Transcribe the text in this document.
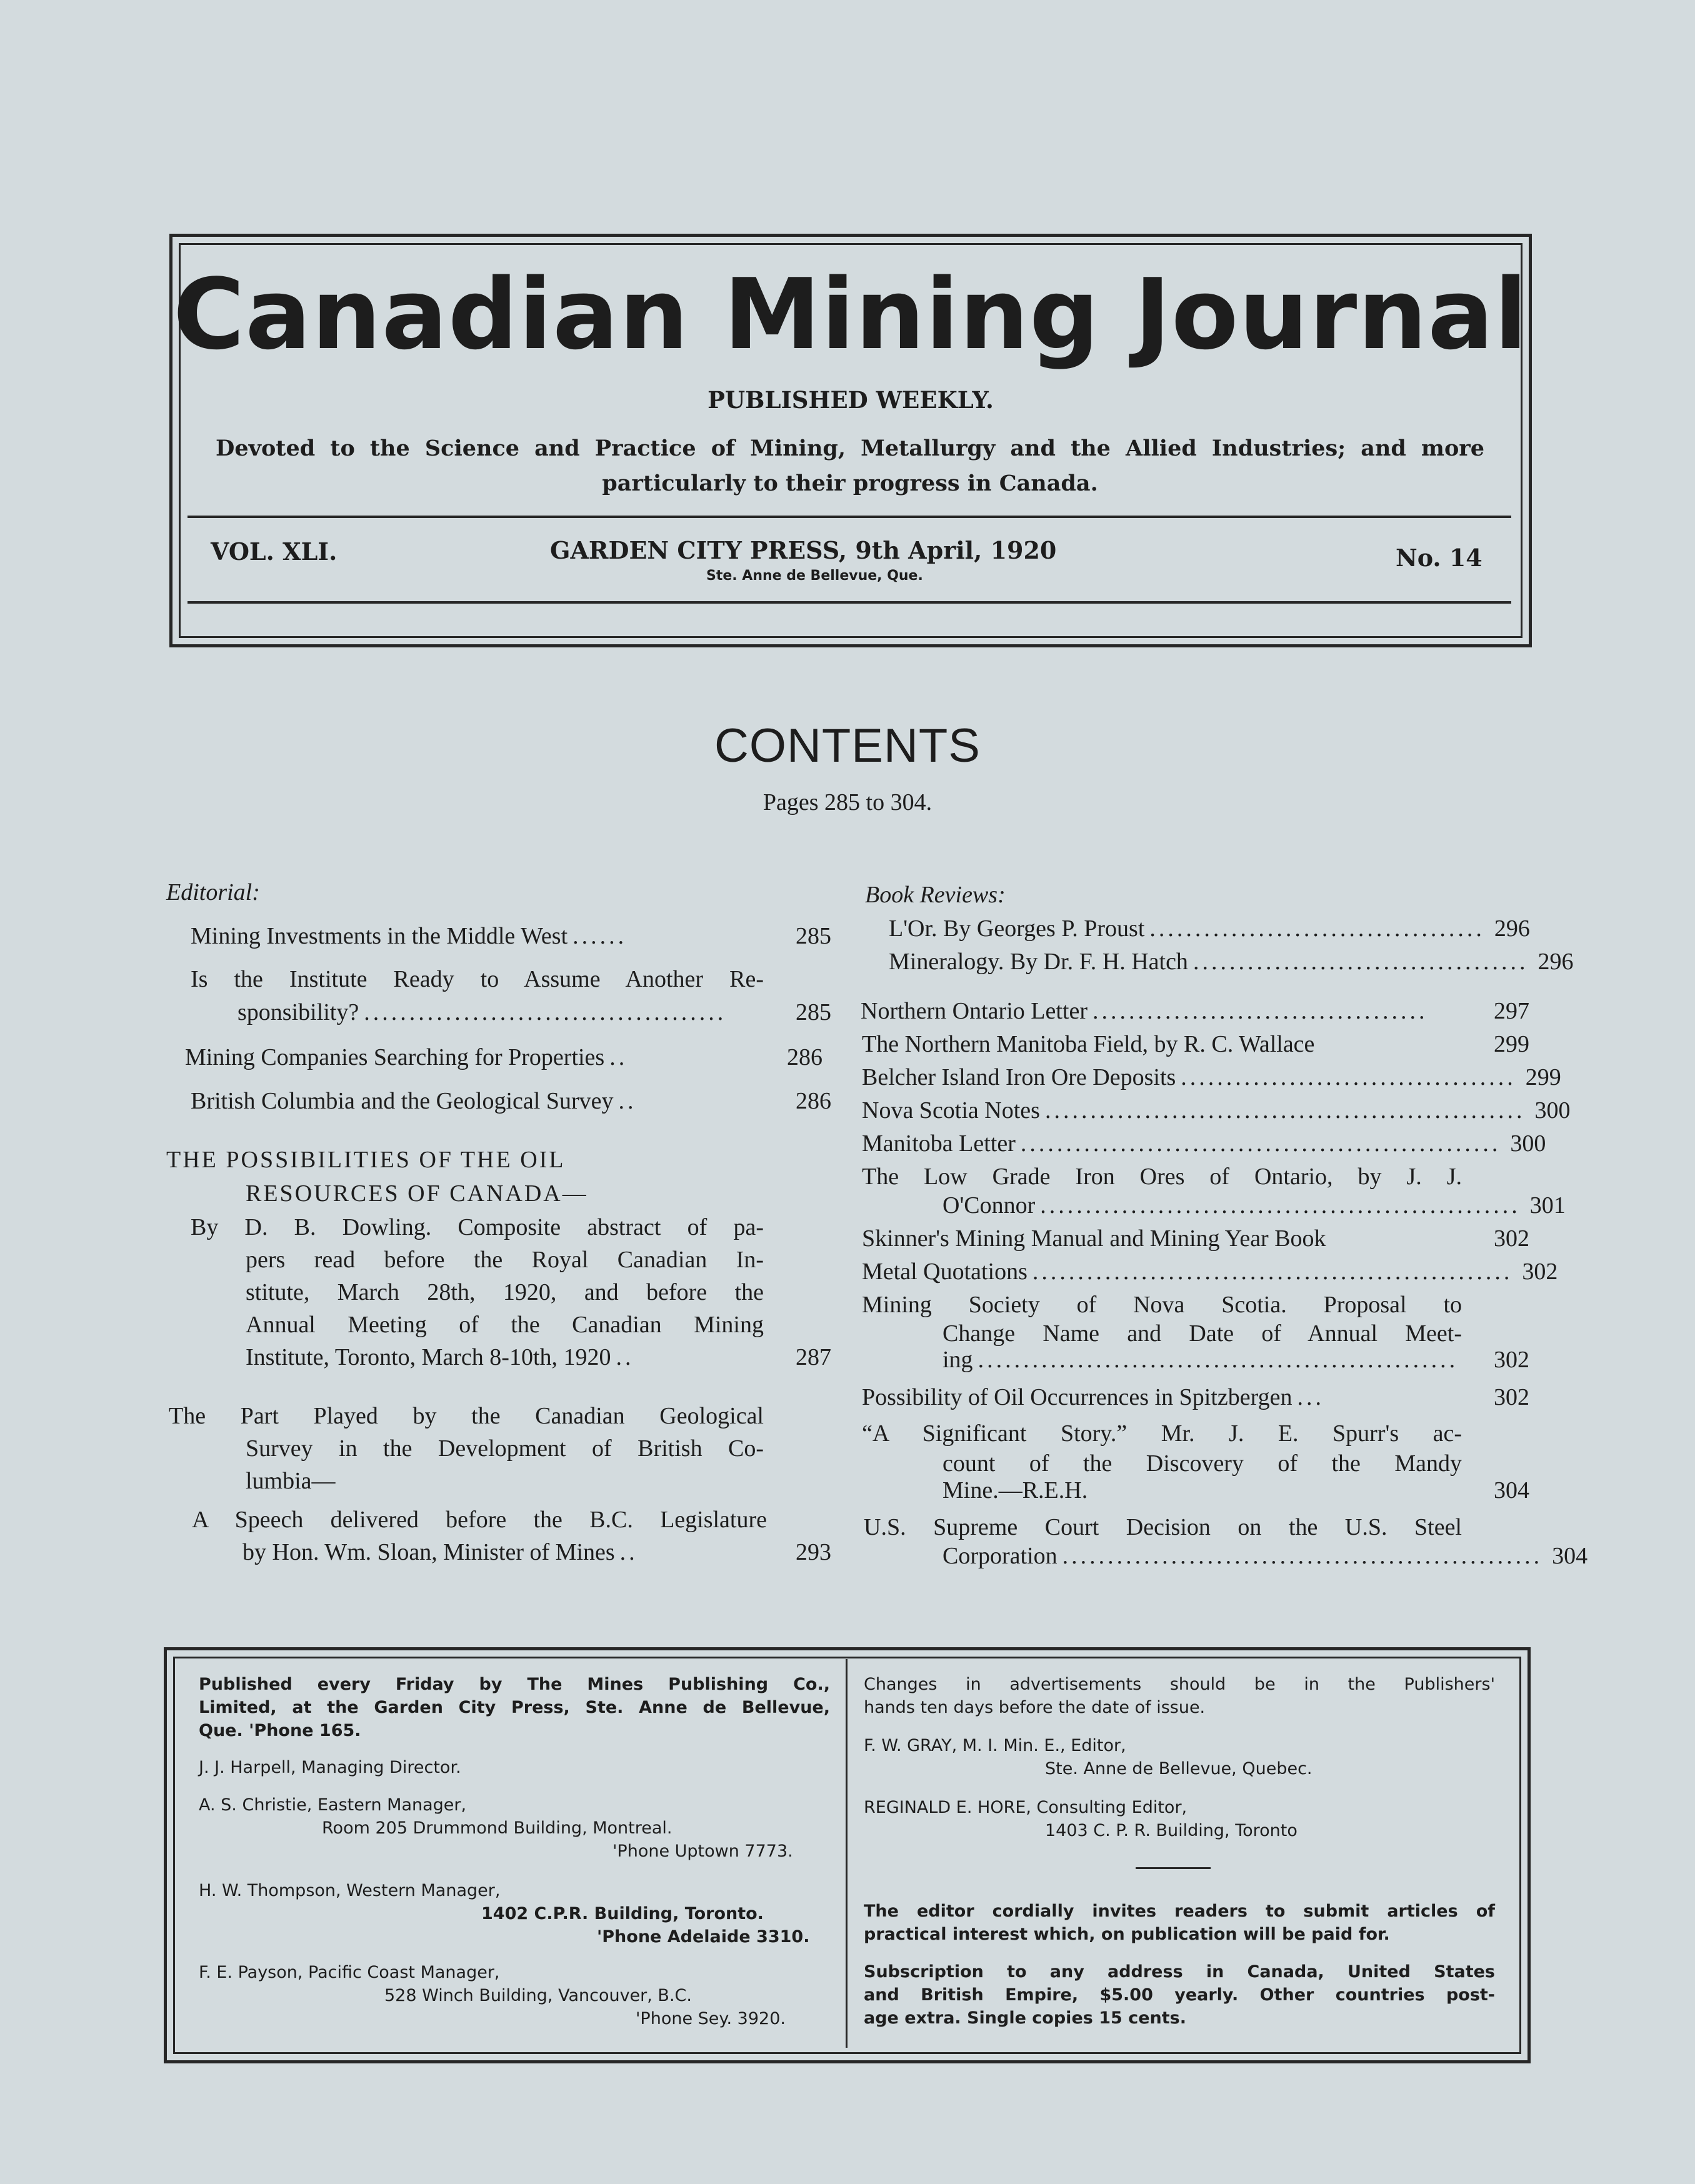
Canadian Mining Journal
PUBLISHED WEEKLY.
Devoted to the Science and Practice of Mining, Metallurgy and the Allied Industries; and more particularly to their progress in Canada.
VOL. XLI.	GARDEN CITY PRESS, 9th April, 1920
Ste. Anne de Bellevue, Que.
No. 14
CONTENTS
Pages 285 to 304.
Editorial:
Mining Investments in the Middle West ......	285
Is the Institute Ready to Assume Another Re-
sponsibility? ........................................	285
Mining Companies Searching for Properties ..	286
British Columbia and the Geological Survey ..	286
THE POSSIBILITIES OF THE OIL
RESOURCES OF CANADA—
By D. B. Dowling. Composite abstract of pa-
pers read before the Royal Canadian In-
stitute, March 28th, 1920, and before the
Annual Meeting of the Canadian Mining
Institute, Toronto, March 8-10th, 1920 ..	287
The Part Played by the Canadian Geological
Survey in the Development of British Co-
lumbia—
A Speech delivered before the B.C. Legislature
by Hon. Wm. Sloan, Minister of Mines ..	293
Book Reviews:
L'Or. By Georges P. Proust ..................................... 296
Mineralogy. By Dr. F. H. Hatch ..................................... 296
Northern Ontario Letter .....................................	297
The Northern Manitoba Field, by R. C. Wallace	299
Belcher Island Iron Ore Deposits ..................................... 299
Nova Scotia Notes ..................................................... 300
Manitoba Letter ..................................................... 300
The Low Grade Iron Ores of Ontario, by J. J.
O'Connor ..................................................... 301
Skinner's Mining Manual and Mining Year Book	302
Metal Quotations ..................................................... 302
Mining Society of Nova Scotia. Proposal to
Change Name and Date of Annual Meet-
ing .....................................................	302
Possibility of Oil Occurrences in Spitzbergen ...	302
“A Significant Story.” Mr. J. E. Spurr's ac-
count of the Discovery of the Mandy
Mine.—R.E.H.	304
U.S. Supreme Court Decision on the U.S. Steel
Corporation ..................................................... 304
Published every Friday by The Mines Publishing Co.,
Limited, at the Garden City Press, Ste. Anne de Bellevue,
Que. 'Phone 165.
J. J. Harpell, Managing Director.
A. S. Christie, Eastern Manager,
Room 205 Drummond Building, Montreal.
'Phone Uptown 7773.
H. W. Thompson, Western Manager,
1402 C.P.R. Building, Toronto.
'Phone Adelaide 3310.
F. E. Payson, Pacific Coast Manager,
528 Winch Building, Vancouver, B.C.
'Phone Sey. 3920.
Changes in advertisements should be in the Publishers'
hands ten days before the date of issue.
F. W. GRAY, M. I. Min. E., Editor,
Ste. Anne de Bellevue, Quebec.
REGINALD E. HORE, Consulting Editor,
1403 C. P. R. Building, Toronto
The editor cordially invites readers to submit articles of
practical interest which, on publication will be paid for.
Subscription to any address in Canada, United States
and British Empire, $5.00 yearly. Other countries post-
age extra. Single copies 15 cents.
